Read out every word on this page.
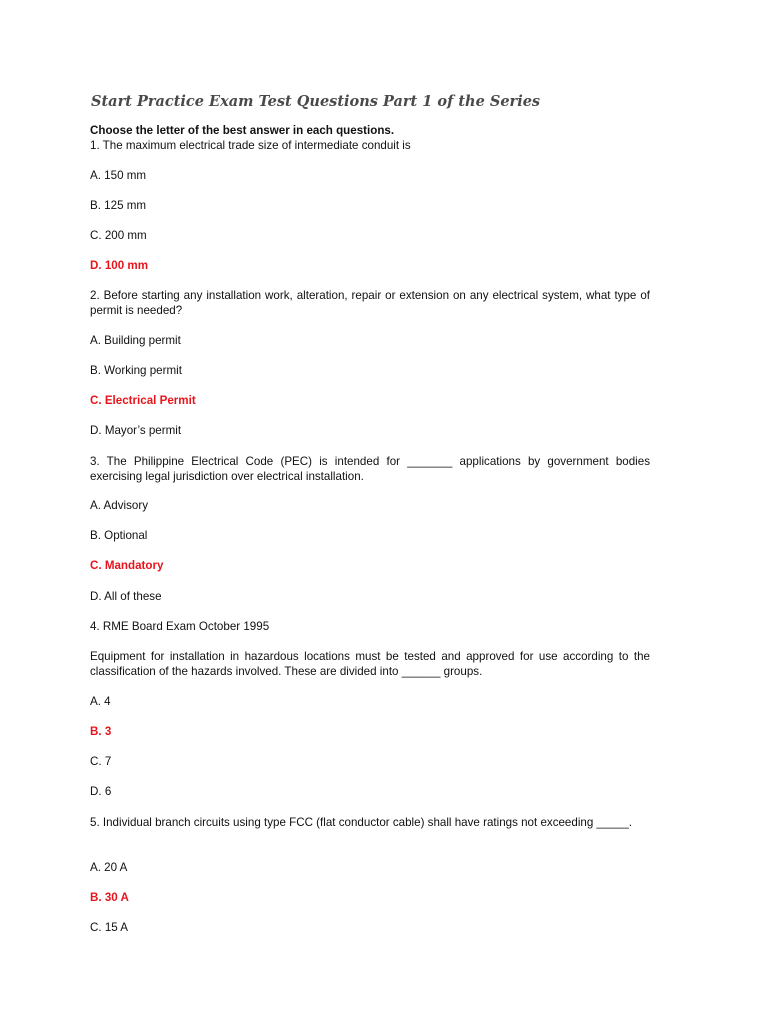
Start Practice Exam Test Questions Part 1 of the Series
Choose the letter of the best answer in each questions.
1. The maximum electrical trade size of intermediate conduit is
A. 150 mm
B. 125 mm
C. 200 mm
D. 100 mm
2. Before starting any installation work, alteration, repair or extension on any electrical system, what type of permit is needed?
A. Building permit
B. Working permit
C. Electrical Permit
D. Mayor’s permit
3. The Philippine Electrical Code (PEC) is intended for _______ applications by government bodies exercising legal jurisdiction over electrical installation.
A. Advisory
B. Optional
C. Mandatory
D. All of these
4. RME Board Exam October 1995
Equipment for installation in hazardous locations must be tested and approved for use according to the classification of the hazards involved. These are divided into ______ groups.
A. 4
B. 3
C. 7
D. 6
5. Individual branch circuits using type FCC (flat conductor cable) shall have ratings not exceeding _____.
A. 20 A
B. 30 A
C. 15 A
